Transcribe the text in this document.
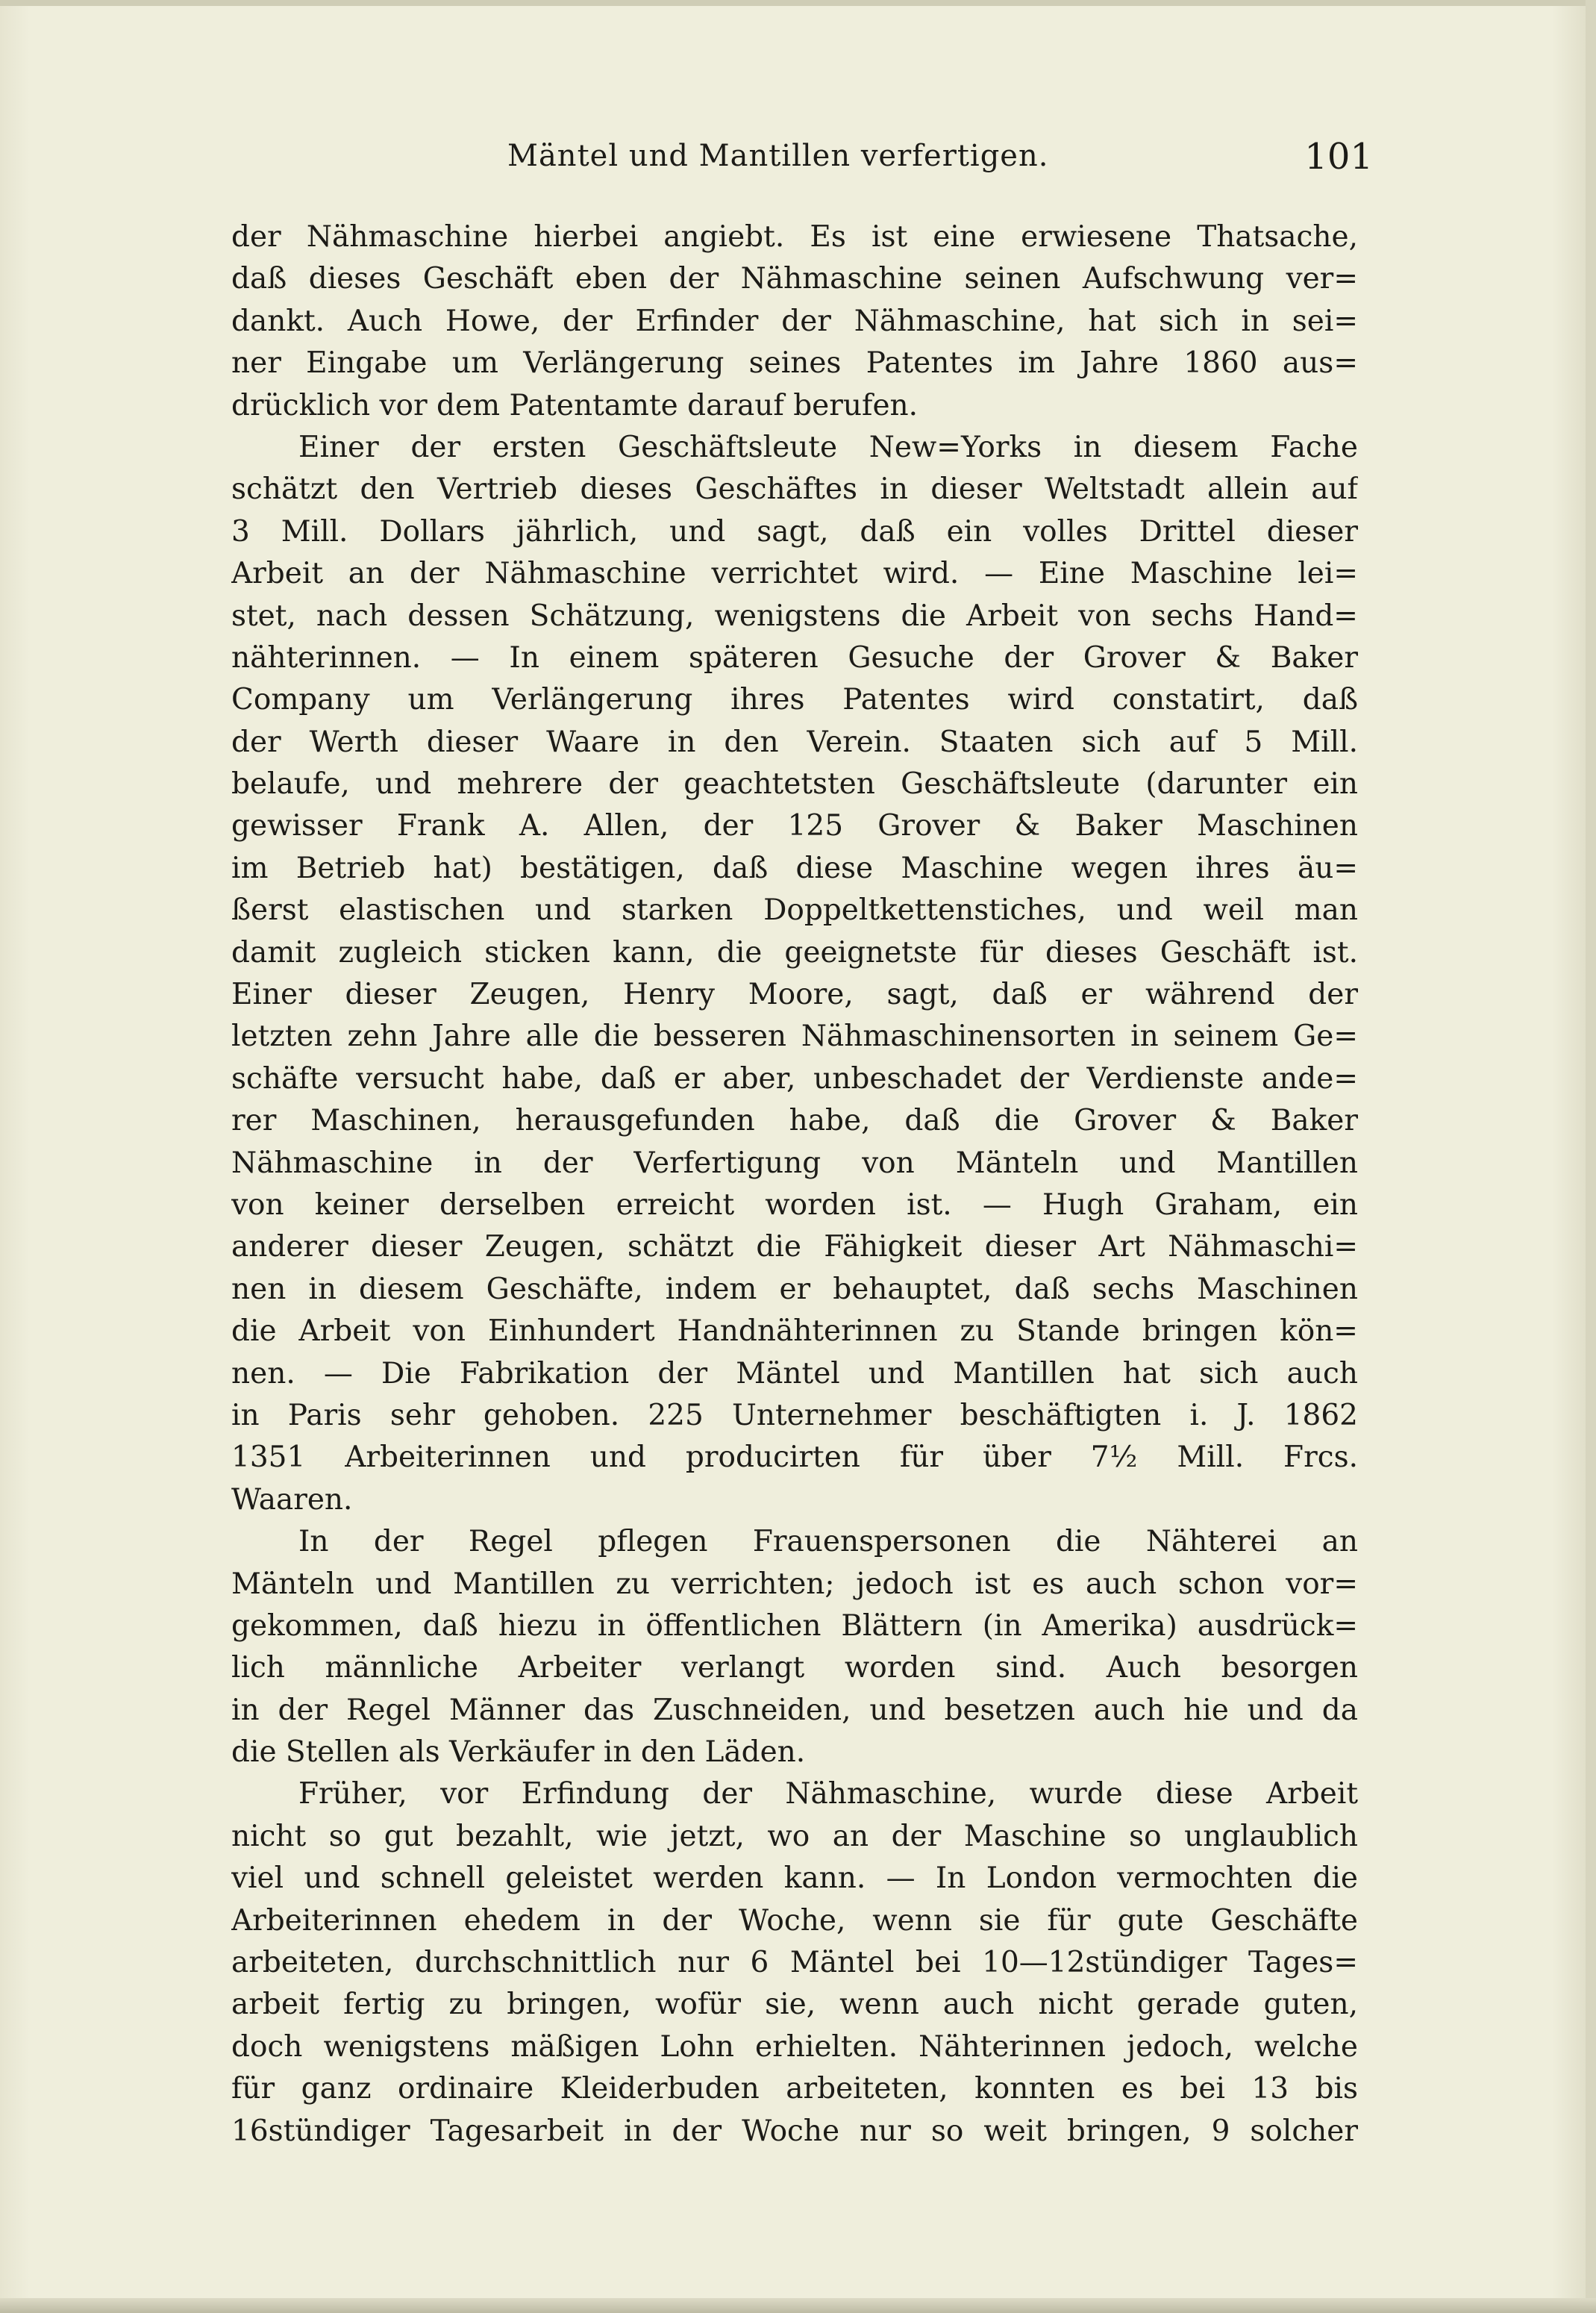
Mäntel und Mantillen verfertigen.	101
der Nähmaschine hierbei angiebt. Es ist eine erwiesene Thatsache,
daß dieses Geschäft eben der Nähmaschine seinen Aufschwung ver=
dankt. Auch Howe, der Erfinder der Nähmaschine, hat sich in sei=
ner Eingabe um Verlängerung seines Patentes im Jahre 1860 aus=
drücklich vor dem Patentamte darauf berufen.
Einer der ersten Geschäftsleute New=Yorks in diesem Fache
schätzt den Vertrieb dieses Geschäftes in dieser Weltstadt allein auf
3 Mill. Dollars jährlich, und sagt, daß ein volles Drittel dieser
Arbeit an der Nähmaschine verrichtet wird. — Eine Maschine lei=
stet, nach dessen Schätzung, wenigstens die Arbeit von sechs Hand=
nähterinnen. — In einem späteren Gesuche der Grover & Baker
Company um Verlängerung ihres Patentes wird constatirt, daß
der Werth dieser Waare in den Verein. Staaten sich auf 5 Mill.
belaufe, und mehrere der geachtetsten Geschäftsleute (darunter ein
gewisser Frank A. Allen, der 125 Grover & Baker Maschinen
im Betrieb hat) bestätigen, daß diese Maschine wegen ihres äu=
ßerst elastischen und starken Doppeltkettenstiches, und weil man
damit zugleich sticken kann, die geeignetste für dieses Geschäft ist.
Einer dieser Zeugen, Henry Moore, sagt, daß er während der
letzten zehn Jahre alle die besseren Nähmaschinensorten in seinem Ge=
schäfte versucht habe, daß er aber, unbeschadet der Verdienste ande=
rer Maschinen, herausgefunden habe, daß die Grover & Baker
Nähmaschine in der Verfertigung von Mänteln und Mantillen
von keiner derselben erreicht worden ist. — Hugh Graham, ein
anderer dieser Zeugen, schätzt die Fähigkeit dieser Art Nähmaschi=
nen in diesem Geschäfte, indem er behauptet, daß sechs Maschinen
die Arbeit von Einhundert Handnähterinnen zu Stande bringen kön=
nen. — Die Fabrikation der Mäntel und Mantillen hat sich auch
in Paris sehr gehoben. 225 Unternehmer beschäftigten i. J. 1862
1351 Arbeiterinnen und producirten für über 7½ Mill. Frcs.
Waaren.
In der Regel pflegen Frauenspersonen die Nähterei an
Mänteln und Mantillen zu verrichten; jedoch ist es auch schon vor=
gekommen, daß hiezu in öffentlichen Blättern (in Amerika) ausdrück=
lich männliche Arbeiter verlangt worden sind. Auch besorgen
in der Regel Männer das Zuschneiden, und besetzen auch hie und da
die Stellen als Verkäufer in den Läden.
Früher, vor Erfindung der Nähmaschine, wurde diese Arbeit
nicht so gut bezahlt, wie jetzt, wo an der Maschine so unglaublich
viel und schnell geleistet werden kann. — In London vermochten die
Arbeiterinnen ehedem in der Woche, wenn sie für gute Geschäfte
arbeiteten, durchschnittlich nur 6 Mäntel bei 10—12stündiger Tages=
arbeit fertig zu bringen, wofür sie, wenn auch nicht gerade guten,
doch wenigstens mäßigen Lohn erhielten. Nähterinnen jedoch, welche
für ganz ordinaire Kleiderbuden arbeiteten, konnten es bei 13 bis
16stündiger Tagesarbeit in der Woche nur so weit bringen, 9 solcher
